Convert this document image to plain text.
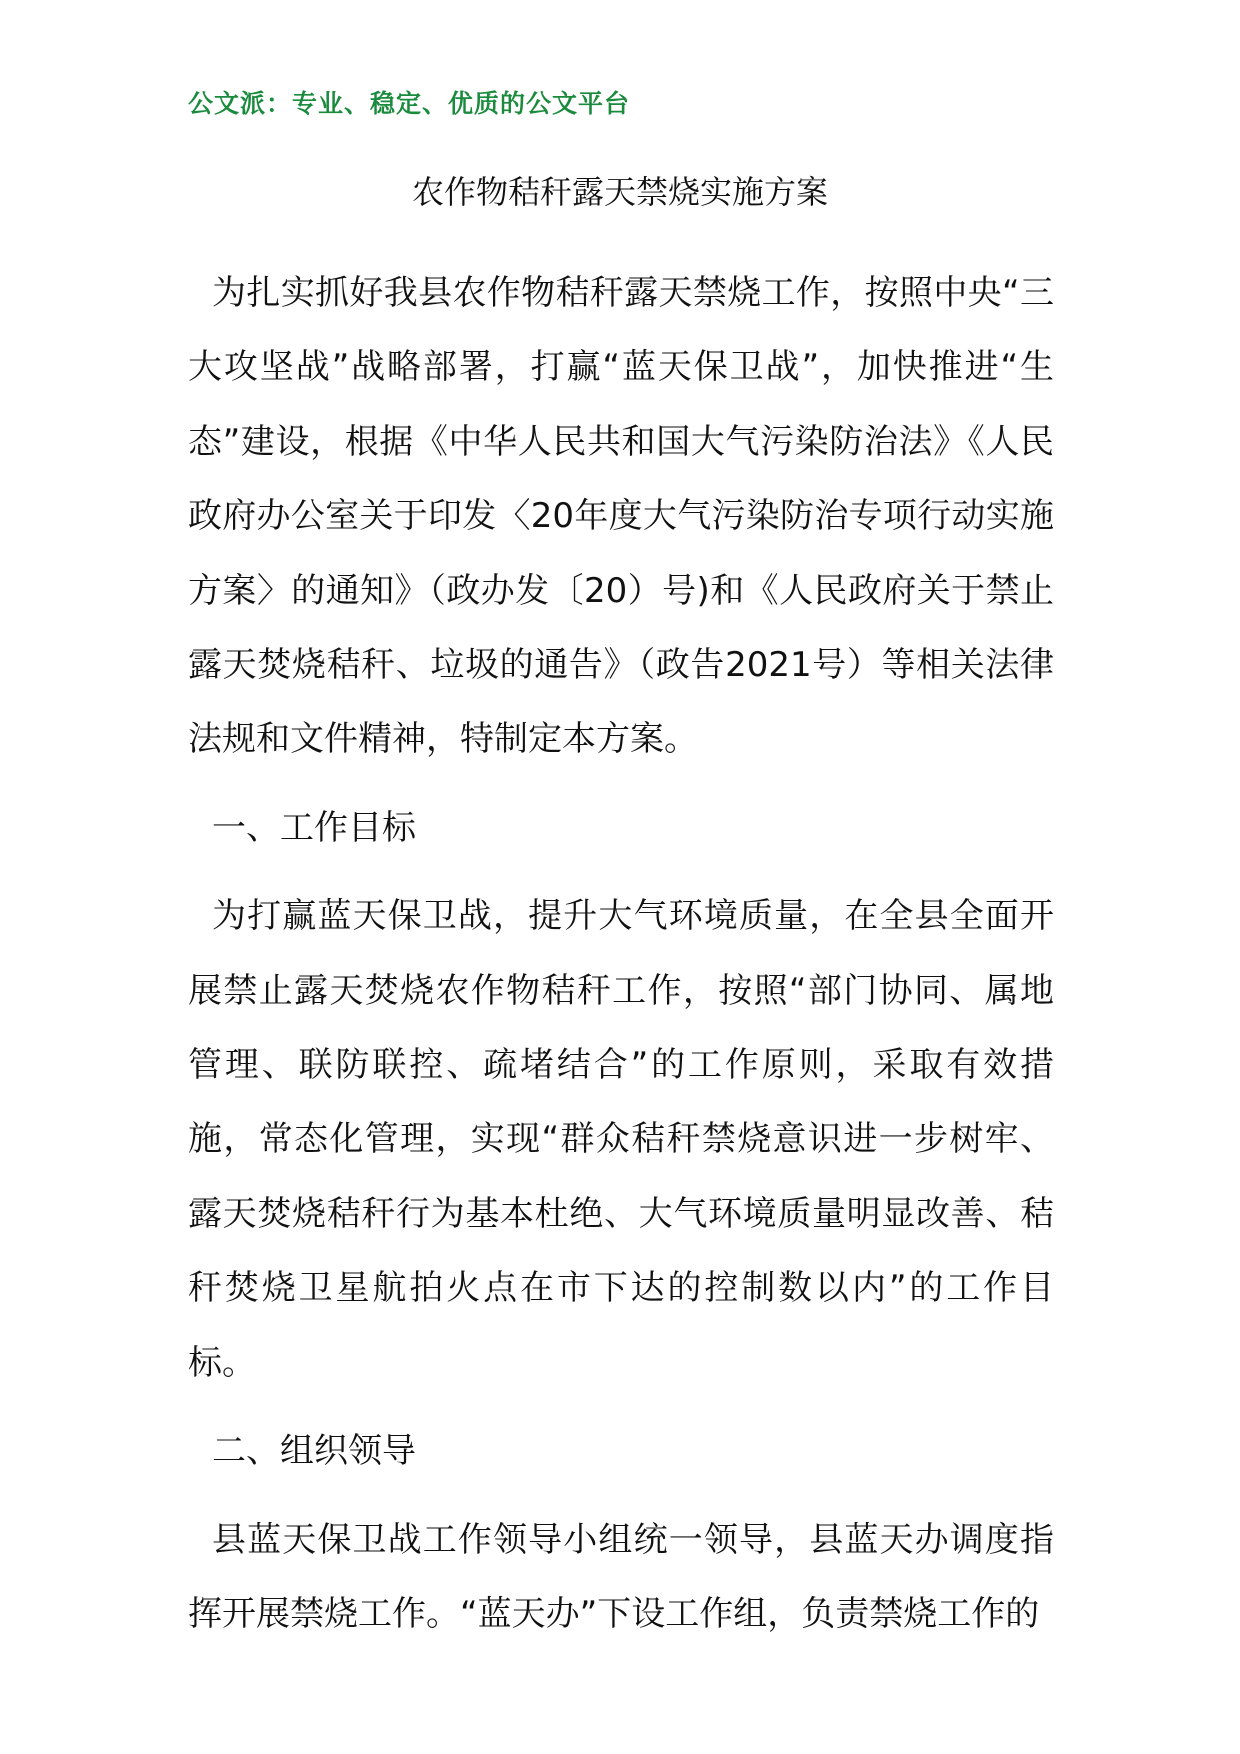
公文派：专业、稳定、优质的公文平台
农作物秸秆露天禁烧实施方案

为扎实抓好我县农作物秸秆露天禁烧工作，按照中央“三大攻坚战”战略部署，打赢“蓝天保卫战”，加快推进“生态”建设，根据《中华人民共和国大气污染防治法》《人民政府办公室关于印发〈20年度大气污染防治专项行动实施方案〉的通知》（政办发〔20）号)和《人民政府关于禁止露天焚烧秸秆、垃圾的通告》（政告2021号）等相关法律法规和文件精神，特制定本方案。

一、工作目标

为打赢蓝天保卫战，提升大气环境质量，在全县全面开展禁止露天焚烧农作物秸秆工作，按照“部门协同、属地管理、联防联控、疏堵结合”的工作原则，采取有效措施，常态化管理，实现“群众秸秆禁烧意识进一步树牢、露天焚烧秸秆行为基本杜绝、大气环境质量明显改善、秸秆焚烧卫星航拍火点在市下达的控制数以内”的工作目标。

二、组织领导

县蓝天保卫战工作领导小组统一领导，县蓝天办调度指挥开展禁烧工作。“蓝天办”下设工作组，负责禁烧工作的
